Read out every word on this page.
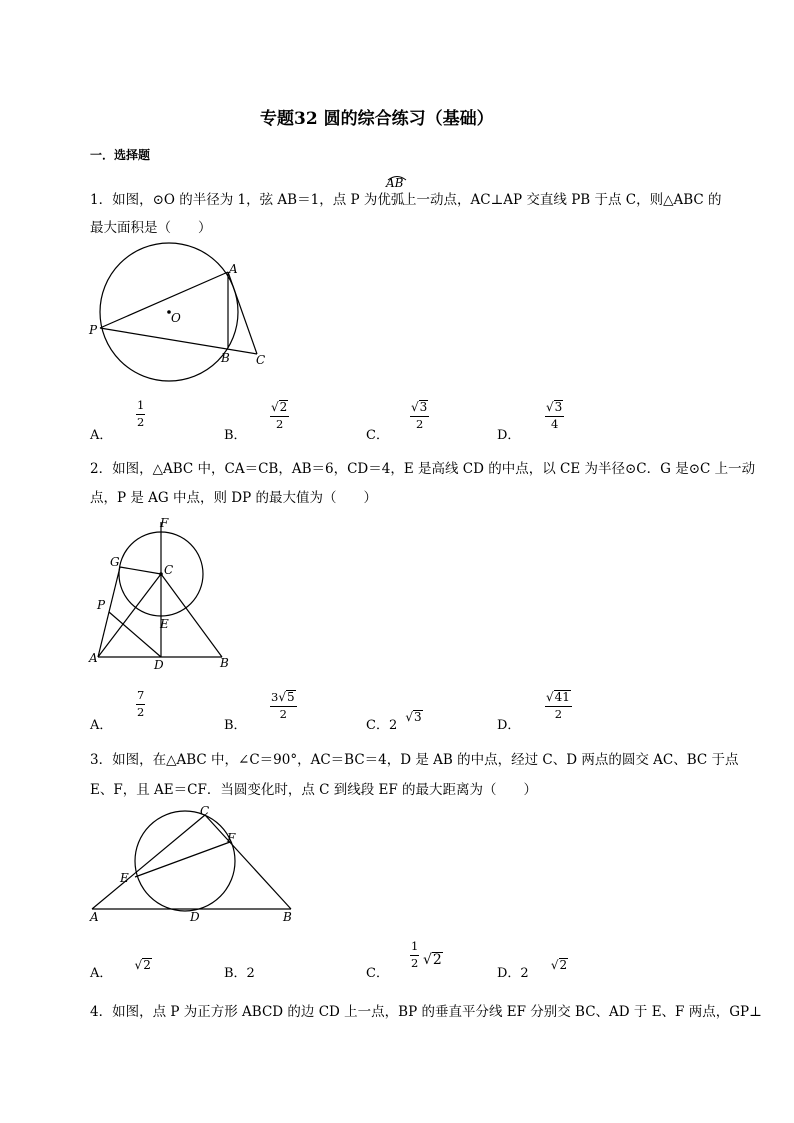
专题32 圆的综合练习（基础）
一．选择题
1．如图，⊙O 的半径为 1，弦 AB＝1，点 P 为优弧
AB
上一动点，AC⊥AP 交直线 PB 于点 C，则△ABC 的
最大面积是（　　）
A
B C
O
P
A．
1
2
B．
√2
2
C．
√3
2
D．
√3
4
2．如图，△ABC 中，CA＝CB，AB＝6，CD＝4，E 是高线 CD 的中点，以 CE 为半径⊙C．G 是⊙C 上一动
点，P 是 AG 中点，则 DP 的最大值为（　　）
F
G
C
P
E
A	D	B
A．
7
2
B．
3√5
2
C．2 √3
D．
√41
2
3．如图，在△ABC 中，∠C＝90°，AC＝BC＝4，D 是 AB 的中点，经过 C、D 两点的圆交 AC、BC 于点
E、F，且 AE＝CF．当圆变化时，点 C 到线段 EF 的最大距离为（　　）
C
F
E
A	D	B
A． √2
B．2	C．
1
2 √2
D．2 √2
4．如图，点 P 为正方形 ABCD 的边 CD 上一点，BP 的垂直平分线 EF 分别交 BC、AD 于 E、F 两点，GP⊥
